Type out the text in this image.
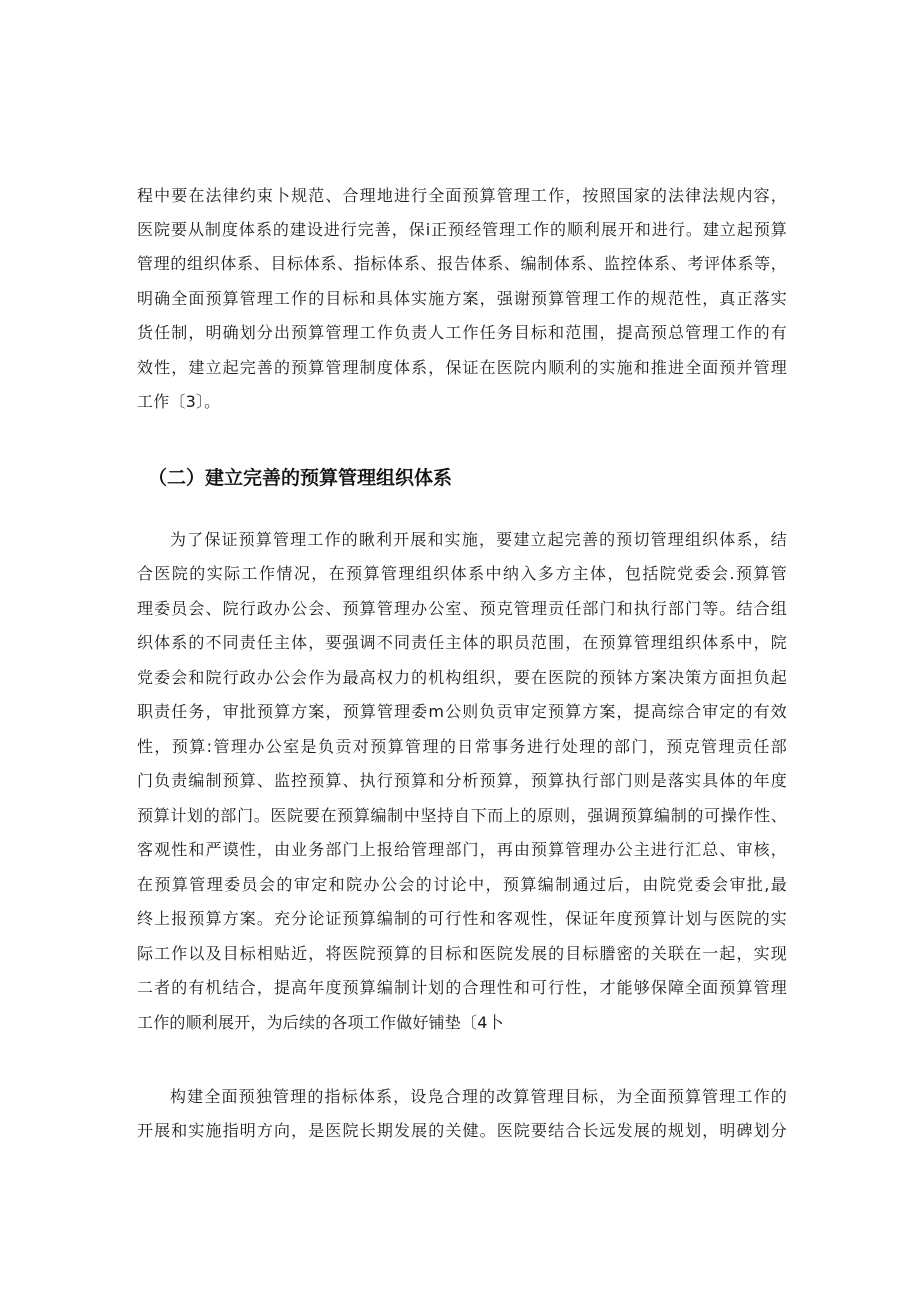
程中要在法律约束卜规范、合理地进行全面预算管理工作，按照国家的法律法规内容，
医院要从制度体系的建设进行完善，保i正预经管理工作的顺利展开和进行。建立起预算
管理的组织体系、目标体系、指标体系、报告体系、编制体系、监控体系、考评体系等，
明确全面预算管理工作的目标和具体实施方案，强谢预算管理工作的规范性，真正落实
货任制，明确划分出预算管理工作负责人工作任务目标和范围，提高预总管理工作的有
效性，建立起完善的预算管理制度体系，保证在医院内顺利的实施和推进全面预并管理
工作〔3〕。
（二）建立完善的预算管理组织体系
为了保证预算管理工作的瞅利开展和实施，要建立起完善的预切管理组织体系，结
合医院的实际工作情况，在预算管理组织体系中纳入多方主体，包括院党委会.预算管
理委员会、院行政办公会、预算管理办公室、预克管理贡任部门和执行部门等。结合组
织体系的不同责任主体，要强调不同责任主体的职员范围，在预算管理组织体系中，院
党委会和院行政办公会作为最高权力的机构组织，要在医院的预钵方案决策方面担负起
职责任务，审批预算方案，预算管理委m公则负贡审定预算方案，提高综合审定的有效
性，预算:管理办公室是负贡对预算管理的日常事务进行处理的部门，预克管理贡任部
门负责编制预算、监控预算、执行预算和分析预算，预算执行部门则是落实具体的年度
预算计划的部门。医院要在预算编制中坚持自下而上的原则，强调预算编制的可操作性、
客观性和严谟性，由业务部门上报给管理部门，再由预算管理办公主进行汇总、审核，
在预算管理委员会的审定和院办公会的讨论中，预算编制通过后，由院党委会审批,最
终上报预算方案。充分论证预算编制的可行性和客观性，保证年度预算计划与医院的实
际工作以及目标相贴近，将医院预算的目标和医院发展的目标謄密的关联在一起，实现
二者的有机结合，提高年度预算编制计划的合理性和可行性，才能够保障全面预算管理
工作的顺利展开，为后续的各项工作做好铺垫〔4卜
构建全面预独管理的指标体系，设凫合理的改算管理目标，为全面预算管理工作的
开展和实施指明方向，是医院长期发展的关健。医院要结合长远发展的规划，明碑划分
